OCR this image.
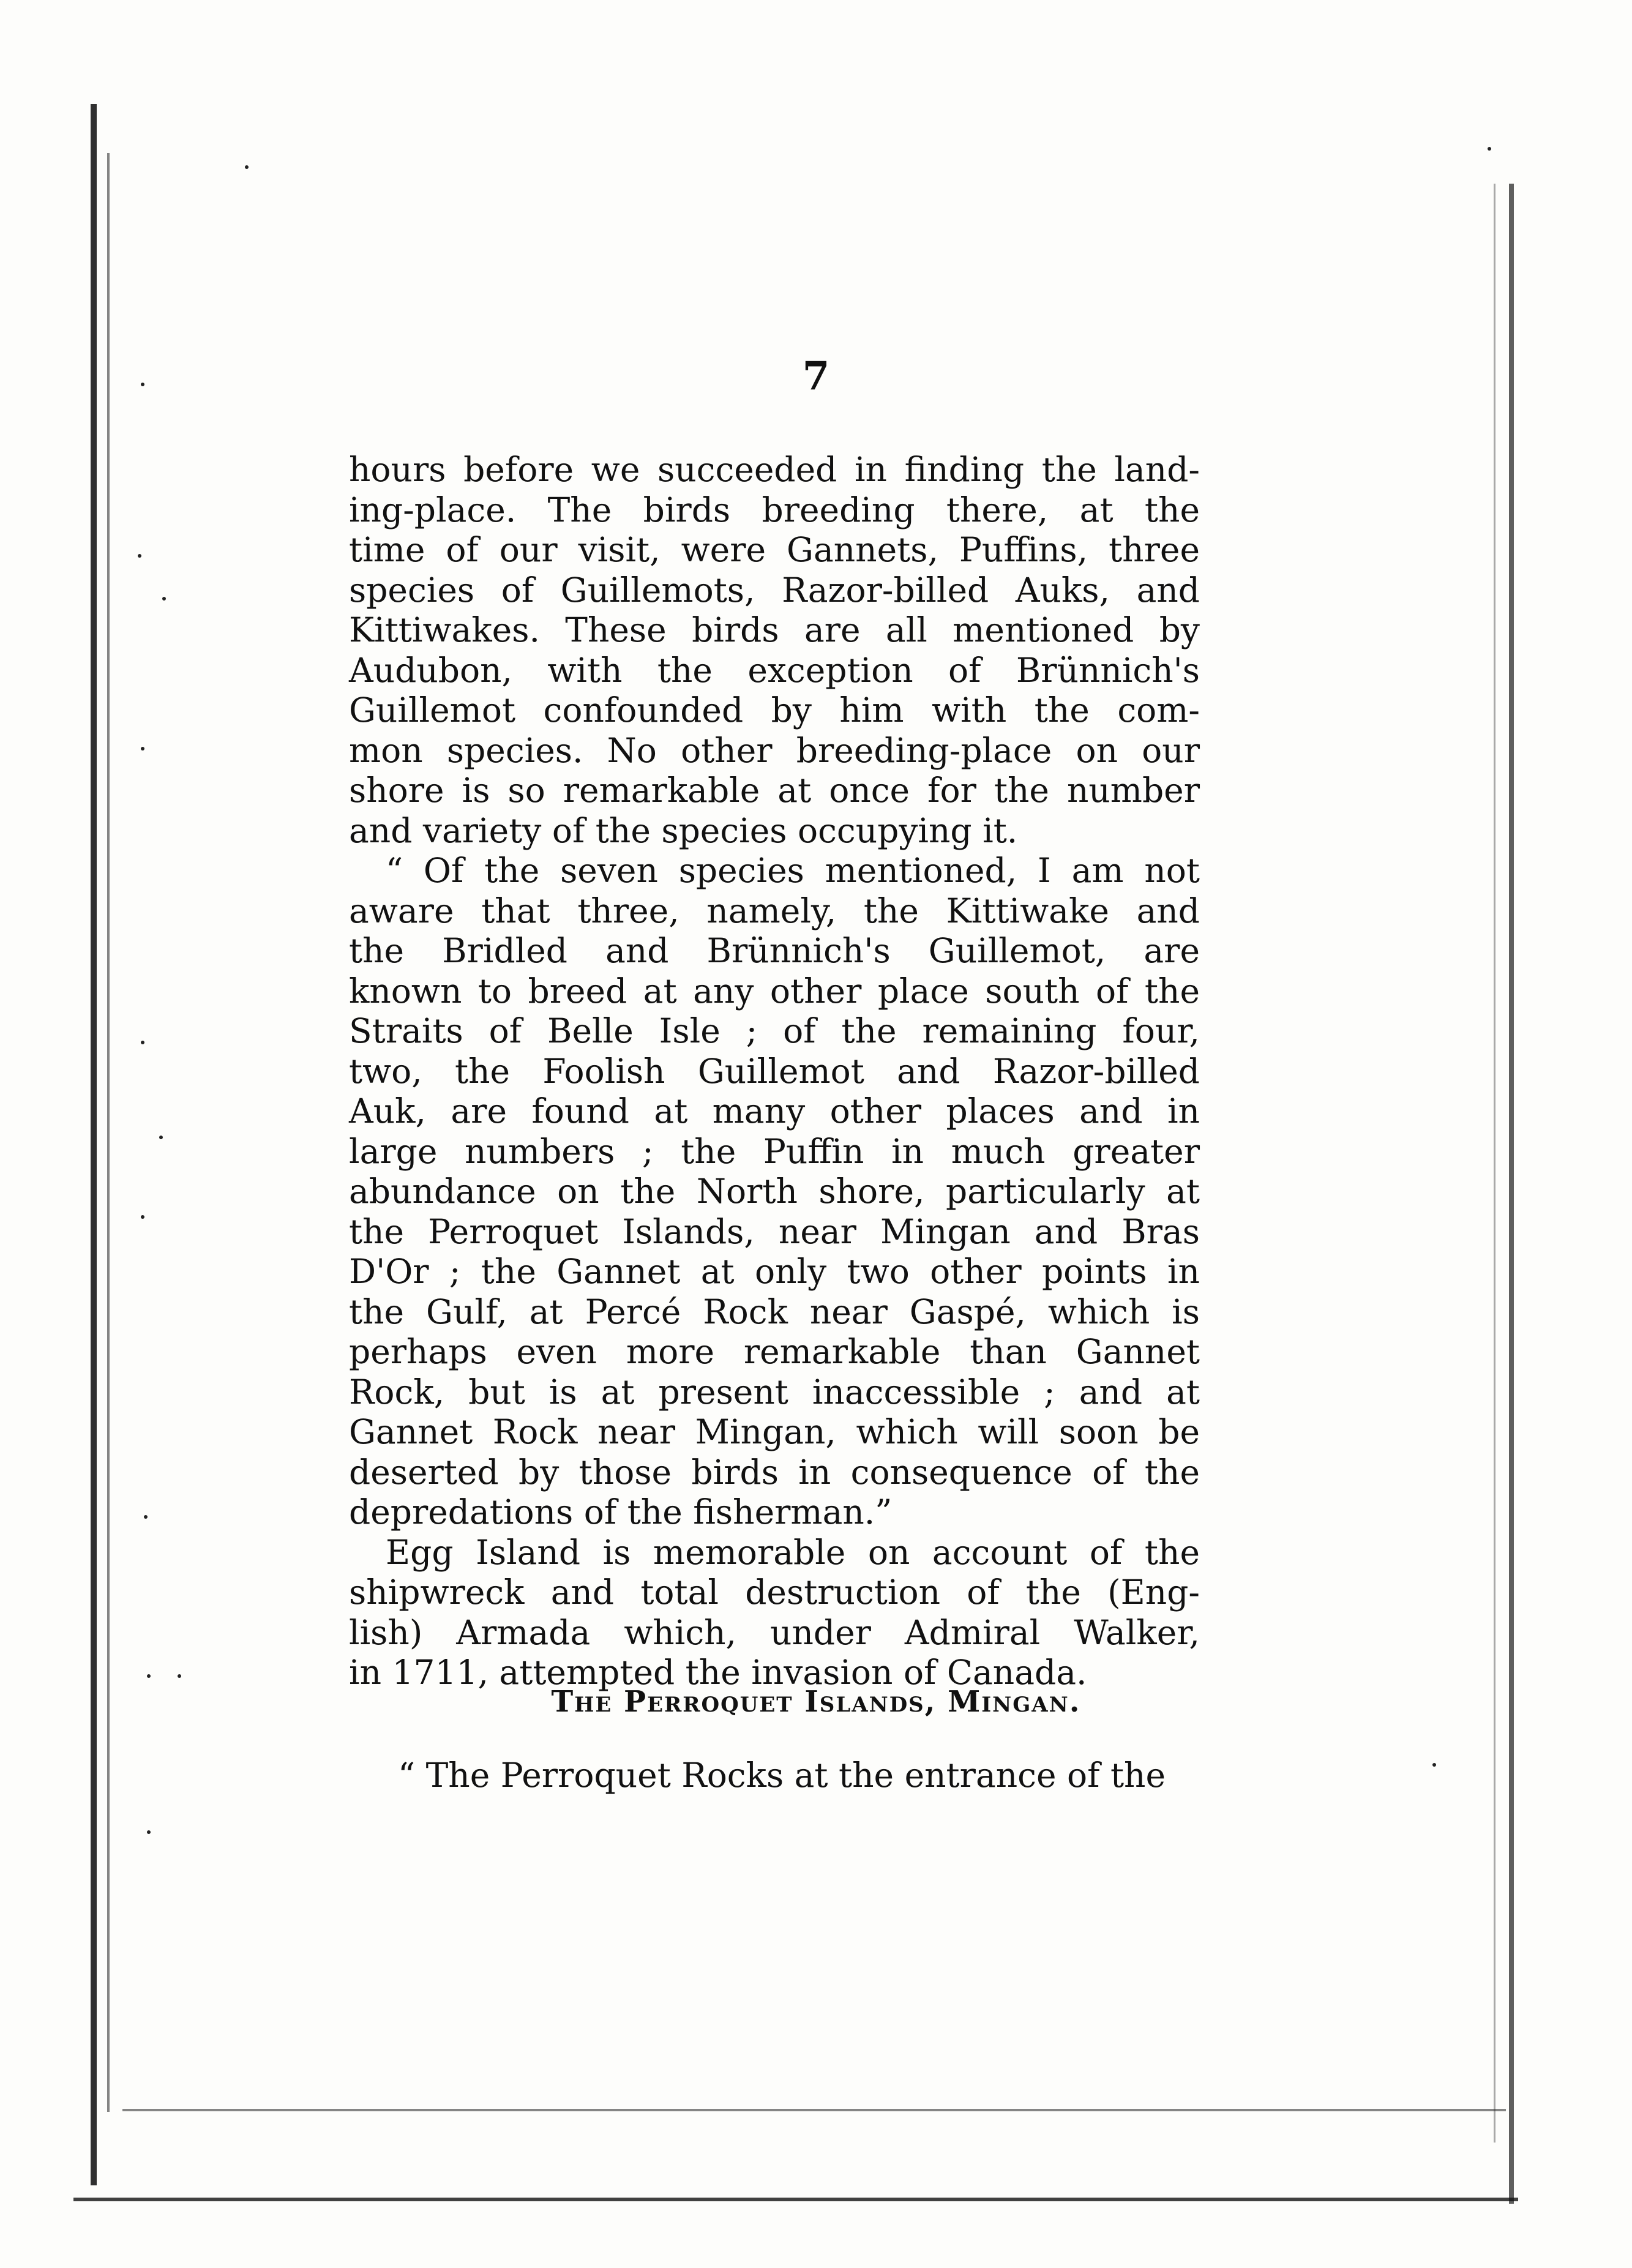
7
hours before we succeeded in finding the land-
ing-place. The birds breeding there, at the
time of our visit, were Gannets, Puffins, three
species of Guillemots, Razor-billed Auks, and
Kittiwakes. These birds are all mentioned by
Audubon, with the exception of Brünnich's
Guillemot confounded by him with the com-
mon species. No other breeding-place on our
shore is so remarkable at once for the number
and variety of the species occupying it.
“ Of the seven species mentioned, I am not
aware that three, namely, the Kittiwake and
the Bridled and Brünnich's Guillemot, are
known to breed at any other place south of the
Straits of Belle Isle ; of the remaining four,
two, the Foolish Guillemot and Razor-billed
Auk, are found at many other places and in
large numbers ; the Puffin in much greater
abundance on the North shore, particularly at
the Perroquet Islands, near Mingan and Bras
D'Or ; the Gannet at only two other points in
the Gulf, at Percé Rock near Gaspé, which is
perhaps even more remarkable than Gannet
Rock, but is at present inaccessible ; and at
Gannet Rock near Mingan, which will soon be
deserted by those birds in consequence of the
depredations of the fisherman.”
Egg Island is memorable on account of the
shipwreck and total destruction of the (Eng-
lish) Armada which, under Admiral Walker,
in 1711, attempted the invasion of Canada.
The Perroquet Islands, Mingan.
“ The Perroquet Rocks at the entrance of the
